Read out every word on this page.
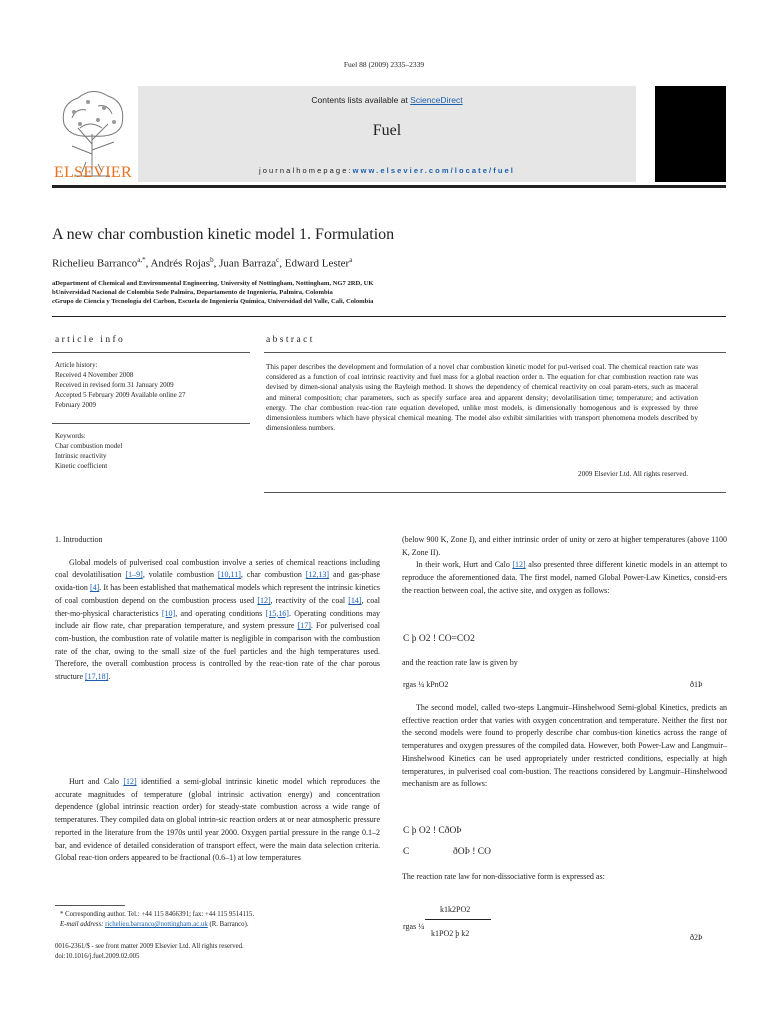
Fuel 88 (2009) 2335–2339
ELSEVIER
Contents lists available at ScienceDirect
Fuel
journalhomepage:www.elsevier.com/locate/fuel
A new char combustion kinetic model 1. Formulation
Richelieu Barranco$^{a,*}$, Andrés Rojas$^b$, Juan Barraza$^c$, Edward Lester$^a$
aDepartment of Chemical and Environmental Engineering, University of Nottingham, Nottingham, NG7 2RD, UK
bUniversidad Nacional de Colombia Sede Palmira, Departamento de Ingeniería, Palmira, Colombia
cGrupo de Ciencia y Tecnología del Carbon, Escuela de Ingeniería Química, Universidad del Valle, Cali, Colombia
article info
Article history:
Received 4 November 2008
Received in revised form 31 January 2009
Accepted 5 February 2009 Available online 27
February 2009
Keywords:
Char combustion model
Intrinsic reactivity
Kinetic coefficient
abstract
This paper describes the development and formulation of a novel char combustion kinetic model for pul-verised coal. The chemical reaction rate was considered as a function of coal intrinsic reactivity and fuel mass for a global reaction order n. The equation for char combustion reaction rate was devised by dimen-sional analysis using the Rayleigh method. It shows the dependency of chemical reactivity on coal param-eters, such as maceral and mineral composition; char parameters, such as specify surface area and apparent density; devolatilisation time; temperature; and activation energy. The char combustion reac-tion rate equation developed, unlike most models, is dimensionally homogenous and is expressed by three dimensionless numbers which have physical chemical meaning. The model also exhibit similarities with transport phenomena models described by dimensionless numbers.
2009 Elsevier Ltd. All rights reserved.
1. Introduction

Global models of pulverised coal combustion involve a series of chemical reactions including coal devolatilisation [1–9], volatile combustion [10,11], char combustion [12,13] and gas-phase oxida-tion [4]. It has been established that mathematical models which represent the intrinsic kinetics of coal combustion depend on the combustion process used [12], reactivity of the coal [14], coal ther-mo-physical characteristics [10], and operating conditions [15,16]. Operating conditions may include air flow rate, char preparation temperature, and system pressure [17]. For pulverised coal com-bustion, the combustion rate of volatile matter is negligible in comparison with the combustion rate of the char, owing to the small size of the fuel particles and the high temperatures used. Therefore, the overall combustion process is controlled by the reac-tion rate of the char porous structure [17,18].

Hurt and Calo [12] identified a semi-global intrinsic kinetic model which reproduces the accurate magnitudes of temperature (global intrinsic activation energy) and concentration dependence (global intrinsic reaction order) for steady-state combustion across a wide range of temperatures. They compiled data on global intrin-sic reaction orders at or near atmospheric pressure reported in the literature from the 1970s until year 2000. Oxygen partial pressure in the range 0.1–2 bar, and evidence of detailed consideration of transport effect, were the main data selection criteria. Global reac-tion orders appeared to be fractional (0.6–1) at low temperatures

* Corresponding author. Tel.: +44 115 8466391; fax: +44 115 9514115.
E-mail address: richelieu.barranco@nottingham.ac.uk (R. Barranco).
0016-2361/$ - see front matter 2009 Elsevier Ltd. All rights reserved.
doi:10.1016/j.fuel.2009.02.005
(below 900 K, Zone I), and either intrinsic order of unity or zero at higher temperatures (above 1100 K, Zone II).

In their work, Hurt and Calo [12] also presented three different kinetic models in an attempt to reproduce the aforementioned data. The first model, named Global Power-Law Kinetics, consid-ers the reaction between coal, the active site, and oxygen as follows:

C þ O2 ! CO=CO2
and the reaction rate law is given by
rgas ¼ kPnO2	ð1Þ

The second model, called two-steps Langmuir–Hinshelwood Semi-global Kinetics, predicts an effective reaction order that varies with oxygen concentration and temperature. Neither the first nor the second models were found to properly describe char combus-tion kinetics across the range of temperatures and oxygen pressures of the compiled data. However, both Power-Law and Langmuir– Hinshelwood Kinetics can be used appropriately under restricted conditions, especially at high temperatures, in pulverised coal com-bustion. The reactions considered by Langmuir–Hinshelwood mechanism are as follows:

C þ O2 ! CðOÞ
C	ðOÞ ! CO
The reaction rate law for non-dissociative form is expressed as:
k1k2PO2
rgas ¼
k1PO2 þ k2	ð2Þ
